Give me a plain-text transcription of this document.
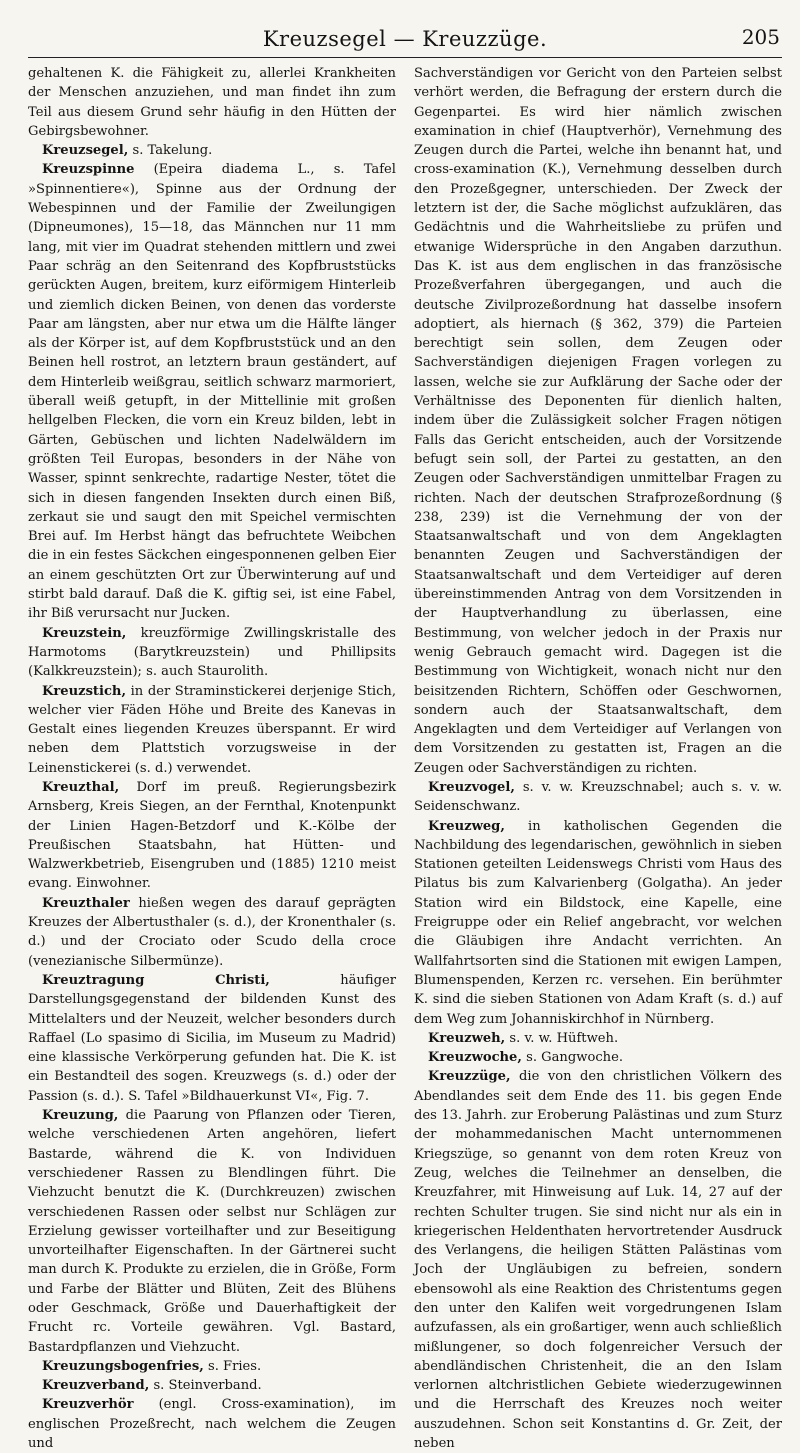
Kreuzsegel — Kreuzzüge.	205

gehaltenen K. die Fähigkeit zu, allerlei Krankheiten der Menschen anzuziehen, und man findet ihn zum Teil aus diesem Grund sehr häufig in den Hütten der Gebirgsbewohner.

Kreuzsegel, s. Takelung.

Kreuzspinne (Epeira diadema L., s. Tafel »Spinnentiere«), Spinne aus der Ordnung der Webespinnen und der Familie der Zweilungigen (Dipneumones), 15—18, das Männchen nur 11 mm lang, mit vier im Quadrat stehenden mittlern und zwei Paar schräg an den Seitenrand des Kopfbruststücks gerückten Augen, breitem, kurz eiförmigem Hinterleib und ziemlich dicken Beinen, von denen das vorderste Paar am längsten, aber nur etwa um die Hälfte länger als der Körper ist, auf dem Kopfbruststück und an den Beinen hell rostrot, an letztern braun geständert, auf dem Hinterleib weißgrau, seitlich schwarz marmoriert, überall weiß getupft, in der Mittellinie mit großen hellgelben Flecken, die vorn ein Kreuz bilden, lebt in Gärten, Gebüschen und lichten Nadelwäldern im größten Teil Europas, besonders in der Nähe von Wasser, spinnt senkrechte, radartige Nester, tötet die sich in diesen fangenden Insekten durch einen Biß, zerkaut sie und saugt den mit Speichel vermischten Brei auf. Im Herbst hängt das befruchtete Weibchen die in ein festes Säckchen eingesponnenen gelben Eier an einem geschützten Ort zur Überwinterung auf und stirbt bald darauf. Daß die K. giftig sei, ist eine Fabel, ihr Biß verursacht nur Jucken.

Kreuzstein, kreuzförmige Zwillingskristalle des Harmotoms (Barytkreuzstein) und Phillipsits (Kalkkreuzstein); s. auch Staurolith.

Kreuzstich, in der Straminstickerei derjenige Stich, welcher vier Fäden Höhe und Breite des Kanevas in Gestalt eines liegenden Kreuzes überspannt. Er wird neben dem Plattstich vorzugsweise in der Leinenstickerei (s. d.) verwendet.

Kreuzthal, Dorf im preuß. Regierungsbezirk Arnsberg, Kreis Siegen, an der Fernthal, Knotenpunkt der Linien Hagen-Betzdorf und K.-Kölbe der Preußischen Staatsbahn, hat Hütten- und Walzwerkbetrieb, Eisengruben und (1885) 1210 meist evang. Einwohner.

Kreuzthaler hießen wegen des darauf geprägten Kreuzes der Albertusthaler (s. d.), der Kronenthaler (s. d.) und der Crociato oder Scudo della croce (venezianische Silbermünze).

Kreuztragung Christi,	häufiger Darstellungsgegenstand der bildenden Kunst des Mittelalters und der Neuzeit, welcher besonders durch Raffael (Lo spasimo di Sicilia, im Museum zu Madrid) eine klassische Verkörperung gefunden hat. Die K. ist ein Bestandteil des sogen. Kreuzwegs (s. d.) oder der Passion (s. d.). S. Tafel »Bildhauerkunst VI«, Fig. 7.

Kreuzung, die Paarung von Pflanzen oder Tieren, welche verschiedenen Arten angehören, liefert Bastarde, während die K. von Individuen verschiedener Rassen zu Blendlingen führt. Die Viehzucht benutzt die K. (Durchkreuzen) zwischen verschiedenen Rassen oder selbst nur Schlägen zur Erzielung gewisser vorteilhafter und zur Beseitigung unvorteilhafter Eigenschaften. In der Gärtnerei sucht man durch K. Produkte zu erzielen, die in Größe, Form und Farbe der Blätter und Blüten, Zeit des Blühens oder Geschmack, Größe und Dauerhaftigkeit der Frucht rc. Vorteile gewähren. Vgl. Bastard, Bastardpflanzen und Viehzucht.

Kreuzungsbogenfries, s. Fries.

Kreuzverband, s. Steinverband.

Kreuzverhör (engl. Cross-examination), im englischen Prozeßrecht, nach welchem die Zeugen und

Sachverständigen vor Gericht von den Parteien selbst verhört werden, die Befragung der erstern durch die Gegenpartei. Es wird hier nämlich zwischen examination in chief (Hauptverhör), Vernehmung des Zeugen durch die Partei, welche ihn benannt hat, und cross-examination (K.), Vernehmung desselben durch den Prozeßgegner, unterschieden. Der Zweck der letztern ist der, die Sache möglichst aufzuklären, das Gedächtnis und die Wahrheitsliebe zu prüfen und etwanige Widersprüche in den Angaben darzuthun. Das K. ist aus dem englischen in das französische Prozeßverfahren übergegangen, und auch die deutsche Zivilprozeßordnung hat dasselbe insofern adoptiert, als hiernach (§ 362, 379) die Parteien berechtigt sein sollen, dem Zeugen oder Sachverständigen diejenigen Fragen vorlegen zu lassen, welche sie zur Aufklärung der Sache oder der Verhältnisse des Deponenten für dienlich halten, indem über die Zulässigkeit solcher Fragen nötigen Falls das Gericht entscheiden, auch der Vorsitzende befugt sein soll, der Partei zu gestatten, an den Zeugen oder Sachverständigen unmittelbar Fragen zu richten. Nach der deutschen Strafprozeßordnung (§ 238, 239) ist die Vernehmung der von der Staatsanwaltschaft und von dem Angeklagten benannten Zeugen und Sachverständigen der Staatsanwaltschaft und dem Verteidiger auf deren übereinstimmenden Antrag von dem Vorsitzenden in der Hauptverhandlung zu überlassen, eine Bestimmung, von welcher jedoch in der Praxis nur wenig Gebrauch gemacht wird. Dagegen ist die Bestimmung von Wichtigkeit, wonach nicht nur den beisitzenden Richtern, Schöffen oder Geschwornen, sondern auch der Staatsanwaltschaft, dem Angeklagten und dem Verteidiger auf Verlangen von dem Vorsitzenden zu gestatten ist, Fragen an die Zeugen oder Sachverständigen zu richten.

Kreuzvogel, s. v. w. Kreuzschnabel; auch s. v. w. Seidenschwanz.

Kreuzweg, in katholischen Gegenden die Nachbildung des legendarischen, gewöhnlich in sieben Stationen geteilten Leidenswegs Christi vom Haus des Pilatus bis zum Kalvarienberg (Golgatha). An jeder Station wird ein Bildstock, eine Kapelle, eine Freigruppe oder ein Relief angebracht, vor welchen die Gläubigen ihre Andacht verrichten. An Wallfahrtsorten sind die Stationen mit ewigen Lampen, Blumenspenden, Kerzen rc. versehen. Ein berühmter K. sind die sieben Stationen von Adam Kraft (s. d.) auf dem Weg zum Johanniskirchhof in Nürnberg.

Kreuzweh, s. v. w. Hüftweh.

Kreuzwoche, s. Gangwoche.

Kreuzzüge, die von den christlichen Völkern des Abendlandes seit dem Ende des 11. bis gegen Ende des 13. Jahrh. zur Eroberung Palästinas und zum Sturz der mohammedanischen Macht unternommenen Kriegszüge, so genannt von dem roten Kreuz von Zeug, welches die Teilnehmer an denselben, die Kreuzfahrer, mit Hinweisung auf Luk. 14, 27 auf der rechten Schulter trugen. Sie sind nicht nur als ein in kriegerischen Heldenthaten hervortretender Ausdruck des Verlangens, die heiligen Stätten Palästinas vom Joch der Ungläubigen zu befreien, sondern ebensowohl als eine Reaktion des Christentums gegen den unter den Kalifen weit vorgedrungenen Islam aufzufassen, als ein großartiger, wenn auch schließlich mißlungener, so doch folgenreicher Versuch der abendländischen Christenheit, die an den Islam verlornen altchristlichen Gebiete wiederzugewinnen und die Herrschaft des Kreuzes noch weiter auszudehnen. Schon seit Konstantins d. Gr. Zeit, der neben
